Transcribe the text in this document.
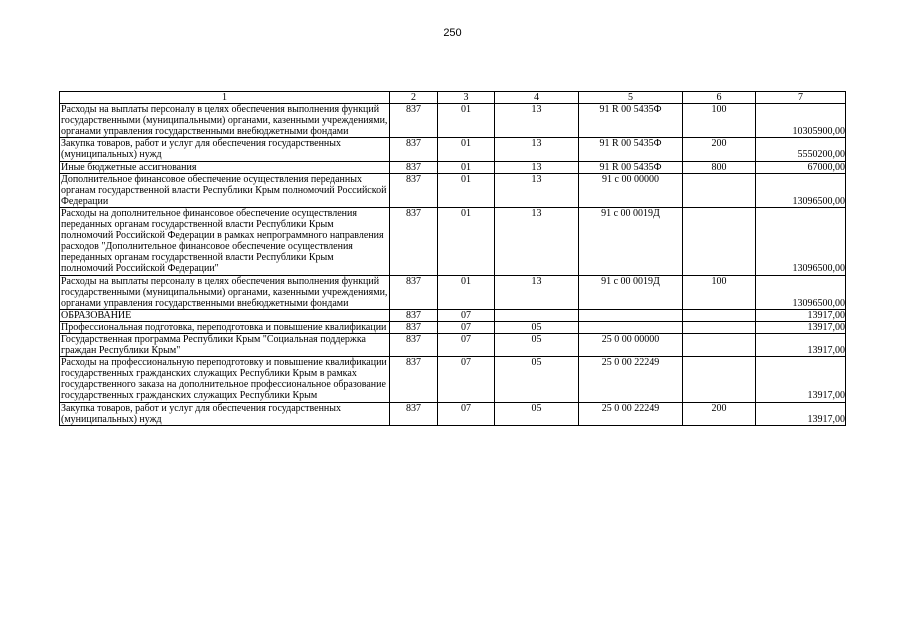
250
1	2	3	4	5	6	7
Расходы на выплаты персоналу в целях обеспечения выполнения функций государственными (муниципальными) органами, казенными учреждениями, органами управления государственными внебюджетными фондами	837	01	13	91 R 00 5435Ф	100	10305900,00
Закупка товаров, работ и услуг для обеспечения государственных (муниципальных) нужд	837	01	13	91 R 00 5435Ф	200	5550200,00
Иные бюджетные ассигнования	837	01	13	91 R 00 5435Ф	800	67000,00
Дополнительное финансовое обеспечение осуществления переданных органам государственной власти Республики Крым полномочий Российской Федерации	837	01	13	91 с 00 00000		13096500,00
Расходы на дополнительное финансовое обеспечение осуществления переданных органам государственной власти Республики Крым полномочий Российской Федерации в рамках непрограммного направления расходов "Дополнительное финансовое обеспечение осуществления переданных органам государственной власти Республики Крым полномочий Российской Федерации"	837	01	13	91 с 00 0019Д		13096500,00
Расходы на выплаты персоналу в целях обеспечения выполнения функций государственными (муниципальными) органами, казенными учреждениями, органами управления государственными внебюджетными фондами	837	01	13	91 с 00 0019Д	100	13096500,00
ОБРАЗОВАНИЕ	837	07				13917,00
Профессиональная подготовка, переподготовка и повышение квалификации	837	07	05			13917,00
Государственная программа Республики Крым "Социальная поддержка граждан Республики Крым"	837	07	05	25 0 00 00000		13917,00
Расходы на профессиональную переподготовку и повышение квалификации государственных гражданских служащих Республики Крым в рамках государственного заказа на дополнительное профессиональное образование государственных гражданских служащих Республики Крым	837	07	05	25 0 00 22249		13917,00
Закупка товаров, работ и услуг для обеспечения государственных (муниципальных) нужд	837	07	05	25 0 00 22249	200	13917,00
